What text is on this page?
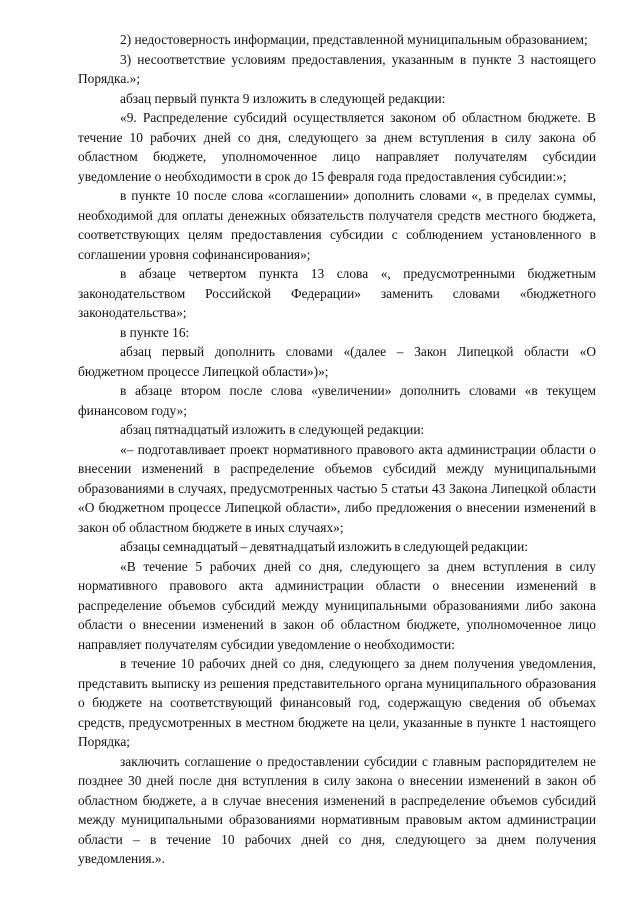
2) недостоверность информации, представленной муниципальным образованием;

3) несоответствие условиям предоставления, указанным в пункте 3 настоящего Порядка.»;

абзац первый пункта 9 изложить в следующей редакции:

«9. Распределение субсидий осуществляется законом об областном бюджете. В течение 10 рабочих дней со дня, следующего за днем вступления в силу закона об областном бюджете, уполномоченное лицо направляет получателям субсидии уведомление о необходимости в срок до 15 февраля года предоставления субсидии:»;

в пункте 10 после слова «соглашении» дополнить словами «, в пределах суммы, необходимой для оплаты денежных обязательств получателя средств местного бюджета, соответствующих целям предоставления субсидии с соблюдением установленного в соглашении уровня софинансирования»;

в абзаце четвертом пункта 13 слова «, предусмотренными бюджетным законодательством Российской Федерации» заменить словами «бюджетного законодательства»;

в пункте 16:

абзац первый дополнить словами «(далее – Закон Липецкой области «О бюджетном процессе Липецкой области»)»;

в абзаце втором после слова «увеличении» дополнить словами «в текущем финансовом году»;

абзац пятнадцатый изложить в следующей редакции:

«– подготавливает проект нормативного правового акта администрации области о внесении изменений в распределение объемов субсидий между муниципальными образованиями в случаях, предусмотренных частью 5 статьи 43 Закона Липецкой области «О бюджетном процессе Липецкой области», либо предложения о внесении изменений в закон об областном бюджете в иных случаях»;

абзацы семнадцатый – девятнадцатый изложить в следующей редакции:

«В течение 5 рабочих дней со дня, следующего за днем вступления в силу нормативного правового акта администрации области о внесении изменений в распределение объемов субсидий между муниципальными образованиями либо закона области о внесении изменений в закон об областном бюджете, уполномоченное лицо направляет получателям субсидии уведомление о необходимости:

в течение 10 рабочих дней со дня, следующего за днем получения уведомления, представить выписку из решения представительного органа муниципального образования о бюджете на соответствующий финансовый год, содержащую сведения об объемах средств, предусмотренных в местном бюджете на цели, указанные в пункте 1 настоящего Порядка;

заключить соглашение о предоставлении субсидии с главным распорядителем не позднее 30 дней после дня вступления в силу закона о внесении изменений в закон об областном бюджете, а в случае внесения изменений в распределение объемов субсидий между муниципальными образованиями нормативным правовым актом администрации области – в течение 10 рабочих дней со дня, следующего за днем получения уведомления.».
